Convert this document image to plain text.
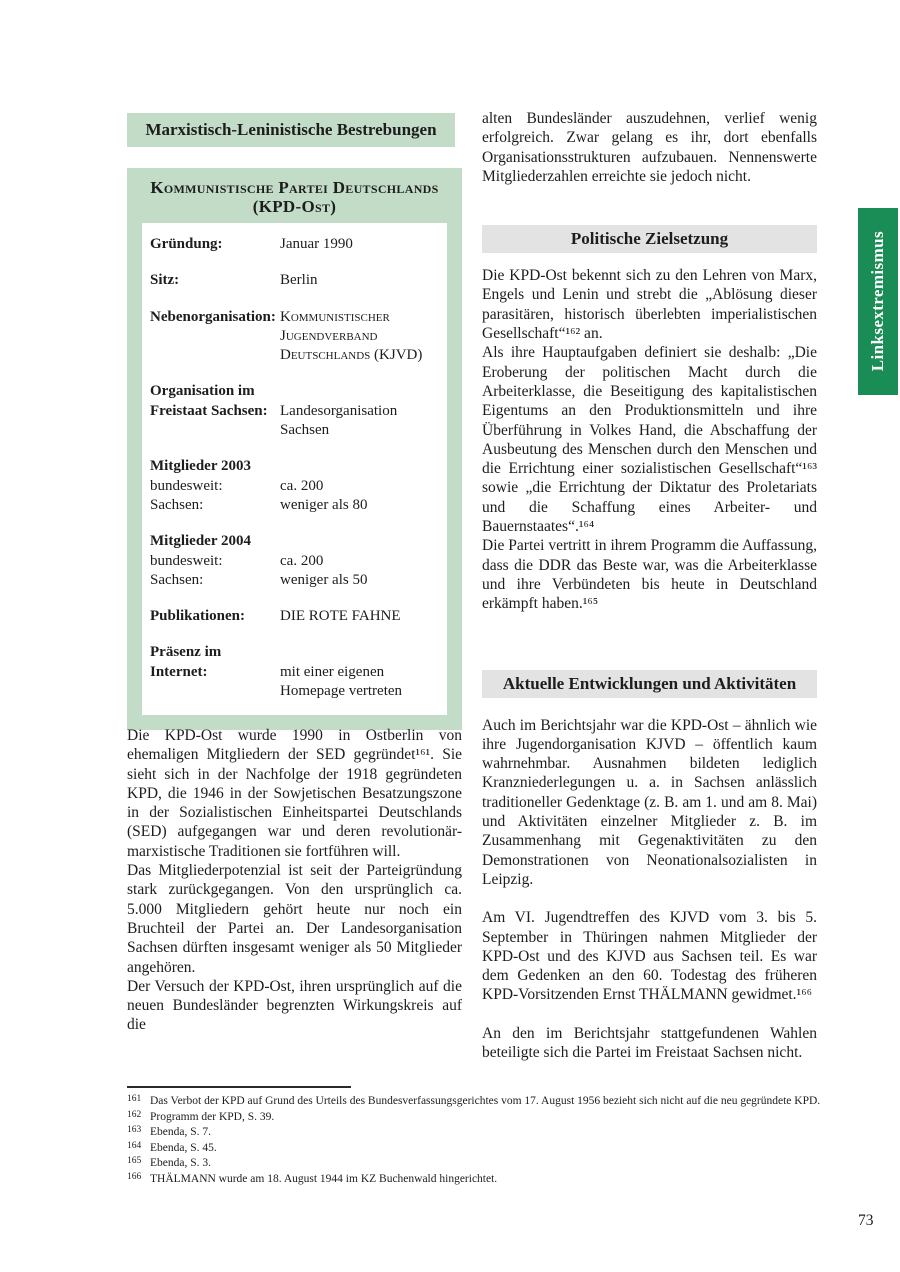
Marxistisch-Leninistische Bestrebungen
Kommunistische Partei Deutschlands
(KPD-Ost)
Gründung:	Januar 1990
Sitz:	Berlin
Nebenorganisation: Kommunistischer Jugendverband Deutschlands (KJVD)
Organisation im Freistaat Sachsen: Landesorganisation Sachsen
Mitglieder 2003
bundesweit:	ca. 200
Sachsen:	weniger als 80
Mitglieder 2004
bundesweit:	ca. 200
Sachsen:	weniger als 50
Publikationen:	DIE ROTE FAHNE
Präsenz im Internet:	mit einer eigenen Homepage vertreten

Die KPD-Ost wurde 1990 in Ostberlin von ehemaligen Mitgliedern der SED gegründet¹⁶¹. Sie sieht sich in der Nachfolge der 1918 gegründeten KPD, die 1946 in der Sowjetischen Besatzungszone in der Sozialistischen Einheitspartei Deutschlands (SED) aufgegangen war und deren revolutionär-marxistische Traditionen sie fortführen will.

Das Mitgliederpotenzial ist seit der Parteigründung stark zurückgegangen. Von den ursprünglich ca. 5.000 Mitgliedern gehört heute nur noch ein Bruchteil der Partei an. Der Landesorganisation Sachsen dürften insgesamt weniger als 50 Mitglieder angehören.

Der Versuch der KPD-Ost, ihren ursprünglich auf die neuen Bundesländer begrenzten Wirkungskreis auf die

alten Bundesländer auszudehnen, verlief wenig erfolgreich. Zwar gelang es ihr, dort ebenfalls Organisationsstrukturen aufzubauen. Nennenswerte Mitgliederzahlen erreichte sie jedoch nicht.

Politische Zielsetzung

Die KPD-Ost bekennt sich zu den Lehren von Marx, Engels und Lenin und strebt die „Ablösung dieser parasitären, historisch überlebten imperialistischen Gesellschaft“¹⁶² an.

Als ihre Hauptaufgaben definiert sie deshalb: „Die Eroberung der politischen Macht durch die Arbeiterklasse, die Beseitigung des kapitalistischen Eigentums an den Produktionsmitteln und ihre Überführung in Volkes Hand, die Abschaffung der Ausbeutung des Menschen durch den Menschen und die Errichtung einer sozialistischen Gesellschaft“¹⁶³ sowie „die Errichtung der Diktatur des Proletariats und die Schaffung eines Arbeiter- und Bauernstaates“.¹⁶⁴

Die Partei vertritt in ihrem Programm die Auffassung, dass die DDR das Beste war, was die Arbeiterklasse und ihre Verbündeten bis heute in Deutschland erkämpft haben.¹⁶⁵

Aktuelle Entwicklungen und Aktivitäten

Auch im Berichtsjahr war die KPD-Ost – ähnlich wie ihre Jugendorganisation KJVD – öffentlich kaum wahrnehmbar. Ausnahmen bildeten lediglich Kranzniederlegungen u. a. in Sachsen anlässlich traditioneller Gedenktage (z. B. am 1. und am 8. Mai) und Aktivitäten einzelner Mitglieder z. B. im Zusammenhang mit Gegenaktivitäten zu den Demonstrationen von Neonationalsozialisten in Leipzig.

Am VI. Jugendtreffen des KJVD vom 3. bis 5. September in Thüringen nahmen Mitglieder der KPD-Ost und des KJVD aus Sachsen teil. Es war dem Gedenken an den 60. Todestag des früheren KPD-Vorsitzenden Ernst THÄLMANN gewidmet.¹⁶⁶

An den im Berichtsjahr stattgefundenen Wahlen beteiligte sich die Partei im Freistaat Sachsen nicht.

Linksextremismus
161 Das Verbot der KPD auf Grund des Urteils des Bundesverfassungsgerichtes vom 17. August 1956 bezieht sich nicht auf die neu gegründete KPD.
162 Programm der KPD, S. 39.
163 Ebenda, S. 7.
164 Ebenda, S. 45.
165 Ebenda, S. 3.
166 THÄLMANN wurde am 18. August 1944 im KZ Buchenwald hingerichtet.
73
